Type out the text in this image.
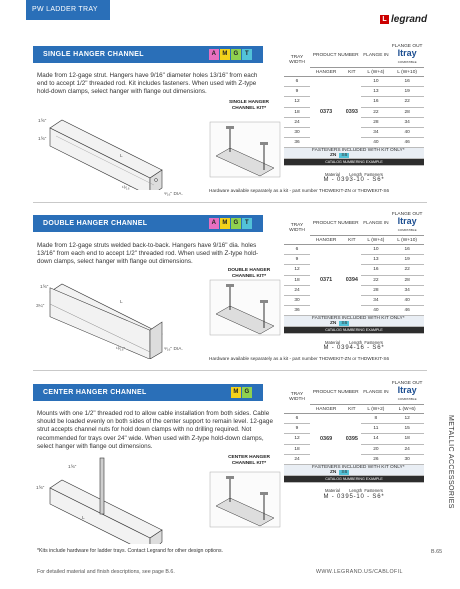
PW LADDER TRAY
L legrand
SINGLE HANGER CHANNEL	A	M G	T
Made from 12-gage strut. Hangers have 9/16" diameter holes 13/16" from each end to accept 1/2" threaded rod. Kit includes fasteners. When used with Z-type hold-down clamps, select hanger with flange out dimensions.
SINGLE HANGER CHANNEL KIT*
1⅝"
1⅝"
L
¹³⁄₁₆"
⁹⁄₁₆" DIA.
TRAY WIDTH	PRODUCT NUMBER		FLANGE IN	FLANGE OUT
Itray
COMPATIBLE

	HANGER	KIT	L (W+4)	L (W+10)
6	0373	0393	10	16
9			13	19
12			16	22
18			22	28
24			28	34
30			34	40
36			40	46
FASTENERS INCLUDED WITH KIT ONLY*ZN S6				
CATALOG NUMBERING EXAMPLE				
Material Length Fasteners
M - 0393-10 - S6*
Hardware available separately as a kit - part number THDWEKIT-ZN or THDWEKIT-S6
DOUBLE HANGER CHANNEL	A	M G	T
Made from 12-gage struts welded back-to-back. Hangers have 9/16" dia. holes 13/16" from each end to accept 1/2" threaded rod. When used with Z-type hold-down clamps, select hanger with flange out dimensions.
DOUBLE HANGER CHANNEL KIT*
1⅝"
3¼"
L
¹³⁄₁₆"	⁹⁄₁₆" DIA.
TRAY WIDTH	PRODUCT NUMBER		FLANGE IN	FLANGE OUT
Itray
COMPATIBLE

	HANGER	KIT	L (W+4)	L (W+10)
6	0371	0394	10	16
9			13	19
12			16	22
18			22	28
24			28	34
30			34	40
36			40	46
FASTENERS INCLUDED WITH KIT ONLY*ZN S6				
CATALOG NUMBERING EXAMPLE				
Material Length Fasteners
M - 0394-16 - S6*
Hardware available separately as a kit - part number THDWEKIT-ZN or THDWEKIT-S6
CENTER HANGER CHANNEL	M G
Mounts with one 1/2" threaded rod to allow cable installation from both sides. Cable should be loaded evenly on both sides of the center support to remain level. 12-gage strut accepts channel nuts for hold down clamps with no drilling required. Not recommended for trays over 24" wide. When used with Z-type hold-down clamps, select hanger with flange out dimensions.
CENTER HANGER CHANNEL KIT*
1⅝"
1⅝"
L
TRAY WIDTH	PRODUCT NUMBER		FLANGE IN	FLANGE OUT
Itray
COMPATIBLE

	HANGER	KIT	L (W+2)	L (W+6)
6	0369	0395	8	12
9			11	15
12			14	18
18			20	24
24			26	30
FASTENERS INCLUDED WITH KIT ONLY*ZN S6				
CATALOG NUMBERING EXAMPLE				
Material Length Fasteners
M - 0395-10 - S6*	METALLIC ACCESSORIES
*Kits include hardware for ladder trays. Contact Legrand for other design options.	B.65
For detailed material and finish descriptions, see page B.6.	WWW.LEGRAND.US/CABLOFIL
